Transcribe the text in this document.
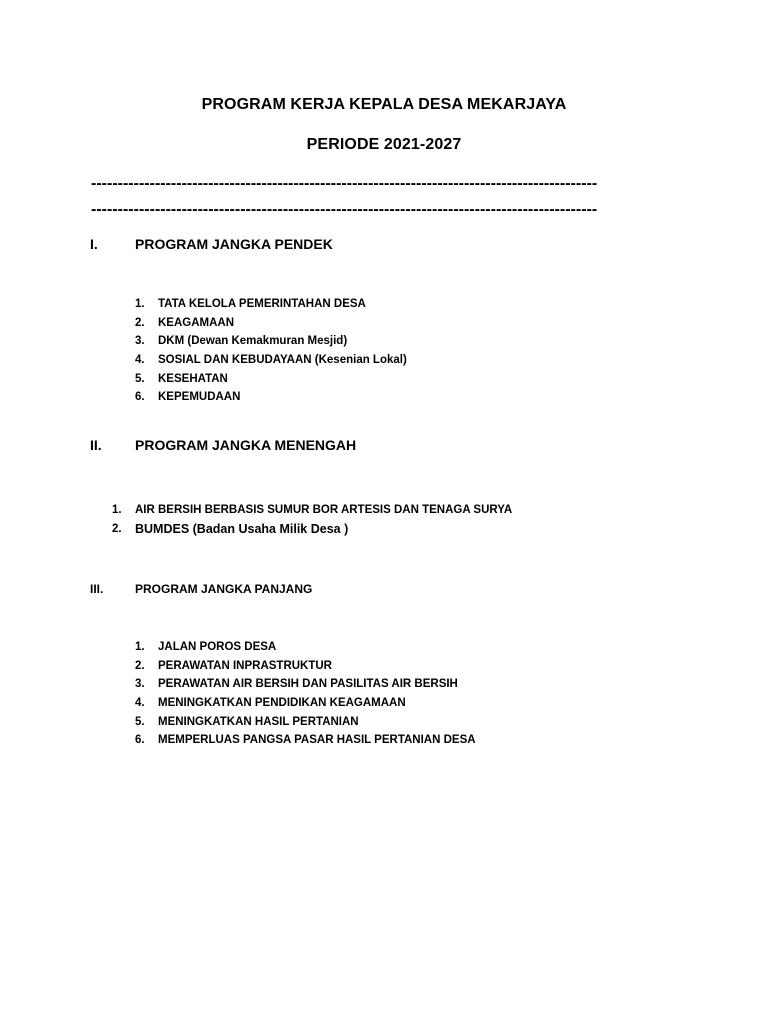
PROGRAM KERJA KEPALA DESA MEKARJAYA
PERIODE 2021-2027
-----------------------------------------------------------------------------------------------
-----------------------------------------------------------------------------------------------
I.	PROGRAM JANGKA PENDEK
1.	TATA KELOLA PEMERINTAHAN DESA
2.	KEAGAMAAN
3.	DKM (Dewan Kemakmuran Mesjid)
4.	SOSIAL DAN KEBUDAYAAN (Kesenian Lokal)
5.	KESEHATAN
6.	KEPEMUDAAN
II. PROGRAM JANGKA MENENGAH
1.	AIR BERSIH BERBASIS SUMUR BOR ARTESIS DAN TENAGA SURYA
2.	BUMDES (Badan Usaha Milik Desa )
III.	PROGRAM JANGKA PANJANG
1.	JALAN POROS DESA
2.	PERAWATAN INPRASTRUKTUR
3.	PERAWATAN AIR BERSIH DAN PASILITAS AIR BERSIH
4.	MENINGKATKAN PENDIDIKAN KEAGAMAAN
5.	MENINGKATKAN HASIL PERTANIAN
6.	MEMPERLUAS PANGSA PASAR HASIL PERTANIAN DESA
